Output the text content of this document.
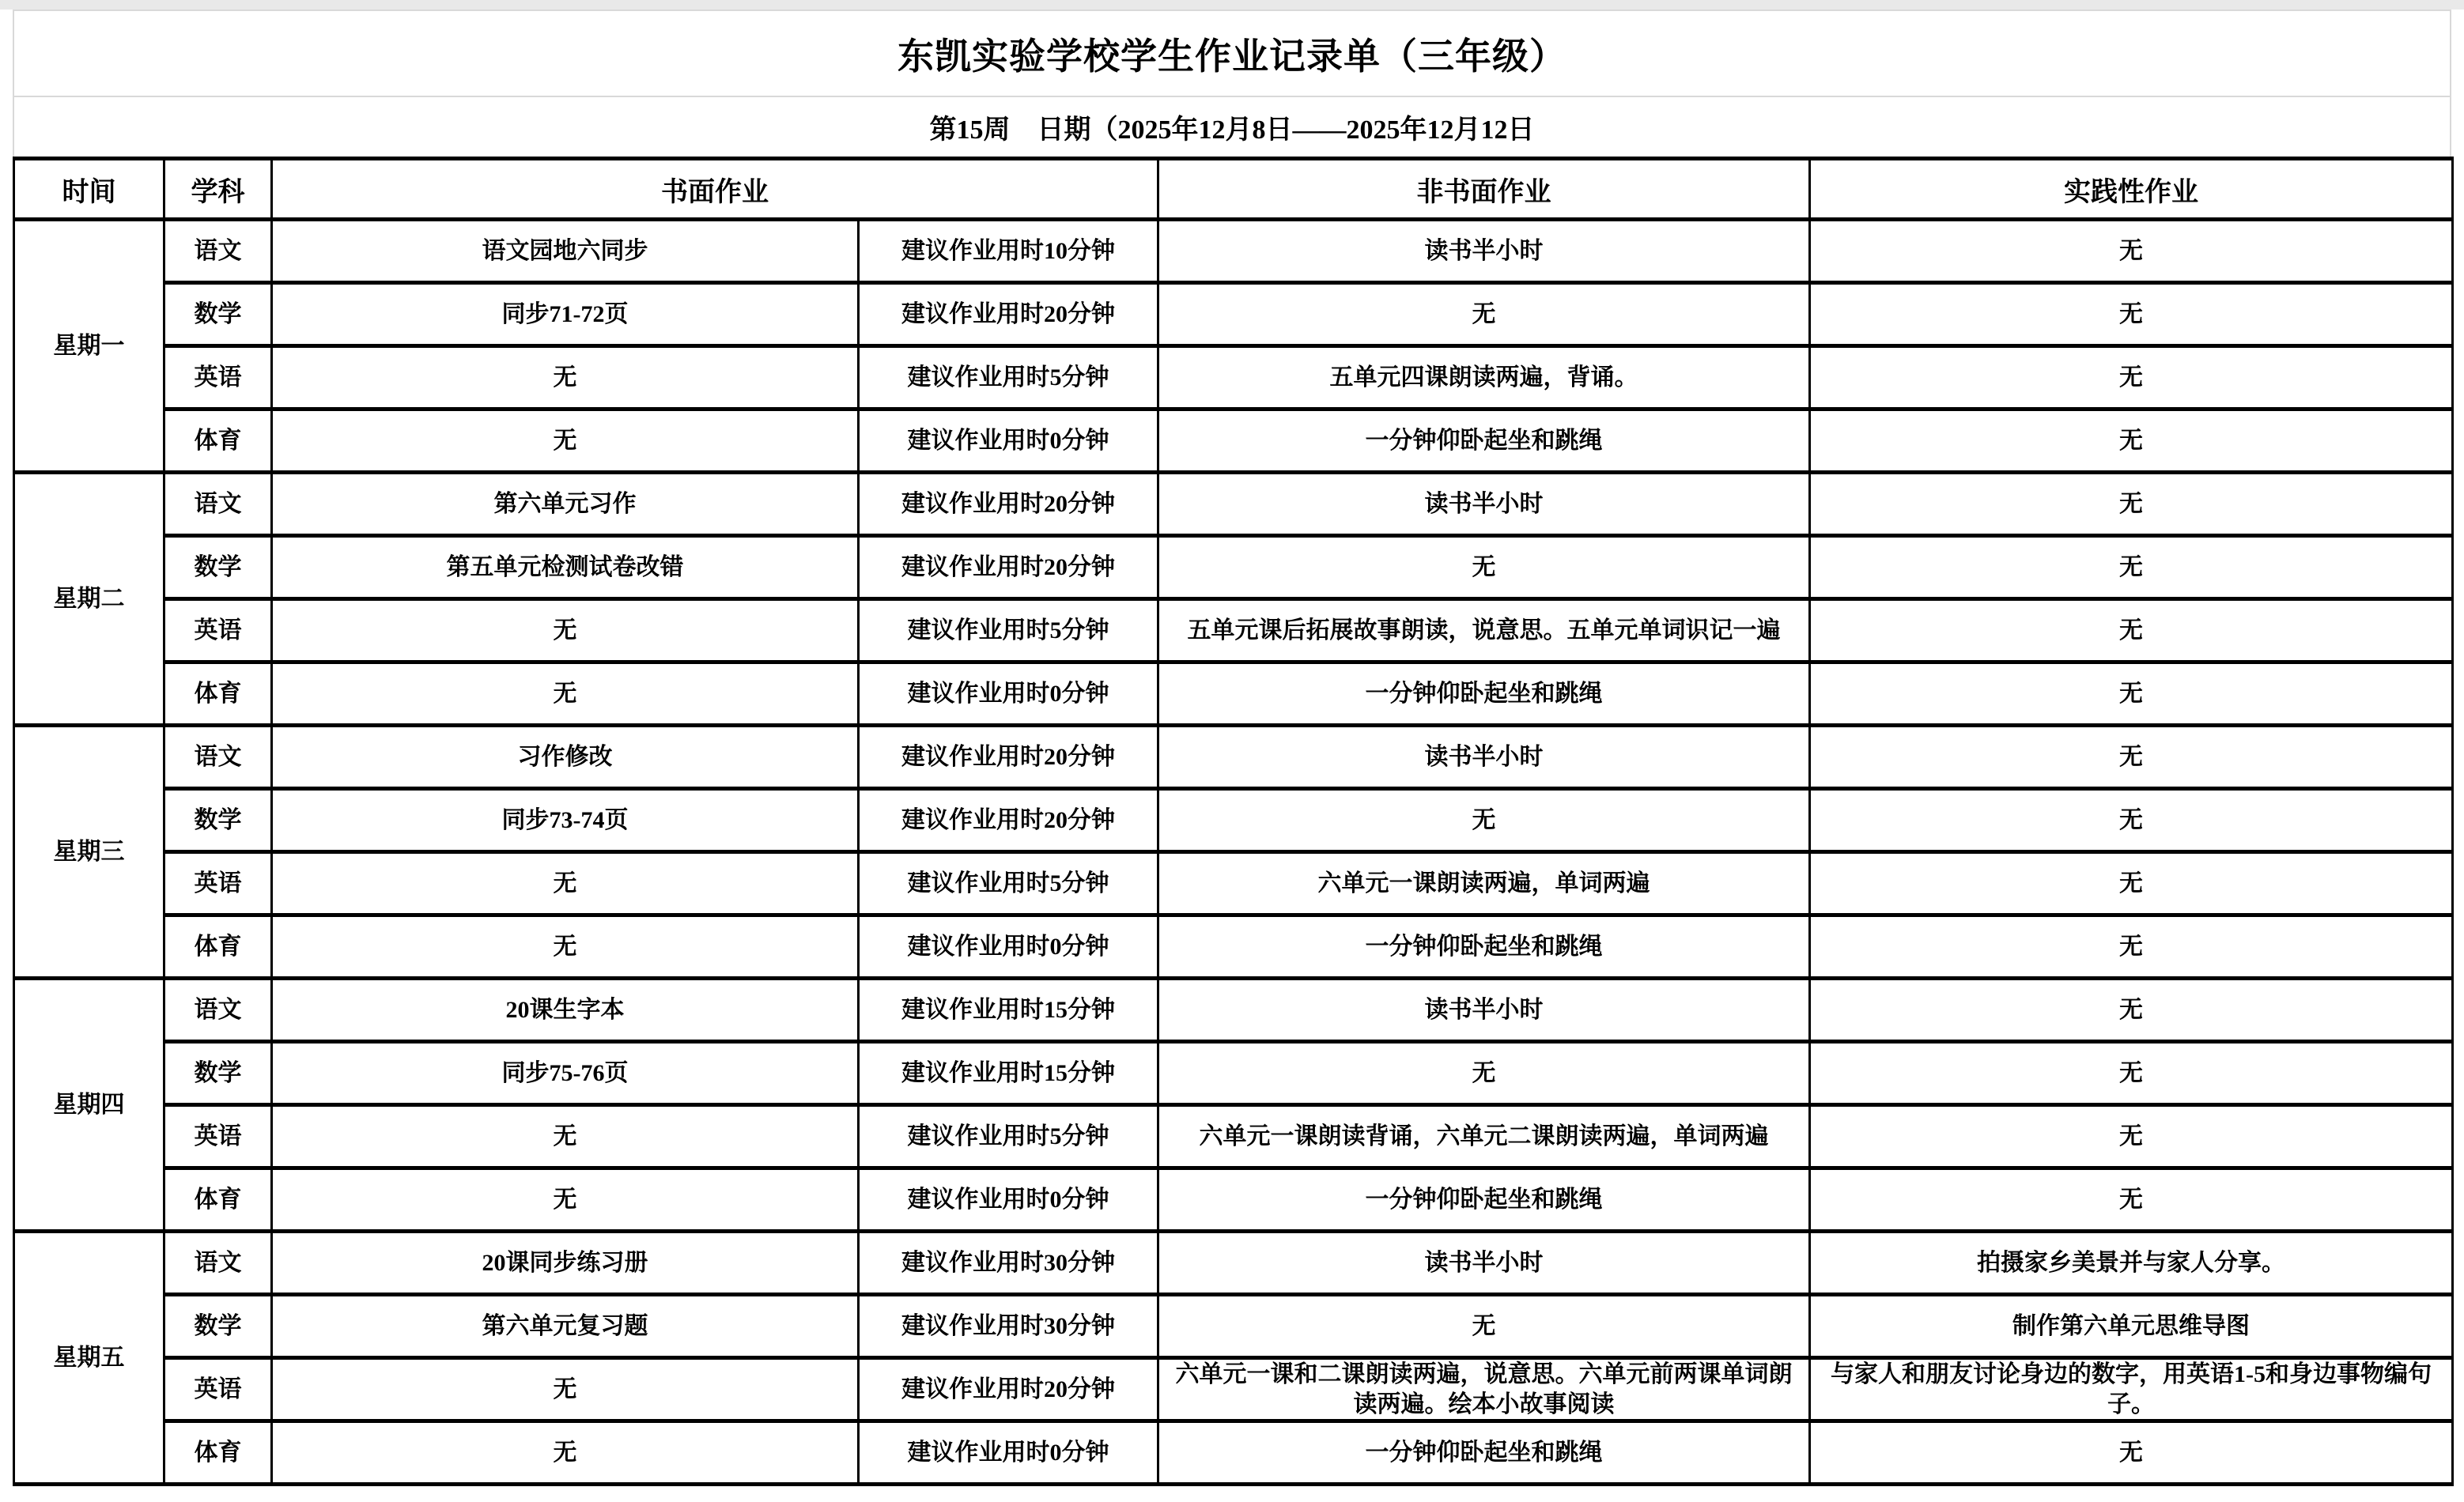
东凯实验学校学生作业记录单（三年级）
第15周　日期（2025年12月8日——2025年12月12日
时间	学科	书面作业		非书面作业	实践性作业
星期一	语文	语文园地六同步	建议作业用时10分钟	读书半小时	无
	数学	同步71-72页	建议作业用时20分钟	无	无
	英语	无	建议作业用时5分钟	五单元四课朗读两遍，背诵。	无
	体育	无	建议作业用时0分钟	一分钟仰卧起坐和跳绳	无
星期二	语文	第六单元习作	建议作业用时20分钟	读书半小时	无
	数学	第五单元检测试卷改错	建议作业用时20分钟	无	无
	英语	无	建议作业用时5分钟	五单元课后拓展故事朗读，说意思。五单元单词识记一遍	无
	体育	无	建议作业用时0分钟	一分钟仰卧起坐和跳绳	无
星期三	语文	习作修改	建议作业用时20分钟	读书半小时	无
	数学	同步73-74页	建议作业用时20分钟	无	无
	英语	无	建议作业用时5分钟	六单元一课朗读两遍，单词两遍	无
	体育	无	建议作业用时0分钟	一分钟仰卧起坐和跳绳	无
星期四	语文	20课生字本	建议作业用时15分钟	读书半小时	无
	数学	同步75-76页	建议作业用时15分钟	无	无
	英语	无	建议作业用时5分钟	六单元一课朗读背诵，六单元二课朗读两遍，单词两遍	无
	体育	无	建议作业用时0分钟	一分钟仰卧起坐和跳绳	无
星期五	语文	20课同步练习册	建议作业用时30分钟	读书半小时	拍摄家乡美景并与家人分享。
	数学	第六单元复习题	建议作业用时30分钟	无	制作第六单元思维导图
	英语	无	建议作业用时20分钟	六单元一课和二课朗读两遍，说意思。六单元前两课单词朗读两遍。绘本小故事阅读	与家人和朋友讨论身边的数字，用英语1-5和身边事物编句子。
	体育	无	建议作业用时0分钟	一分钟仰卧起坐和跳绳	无
